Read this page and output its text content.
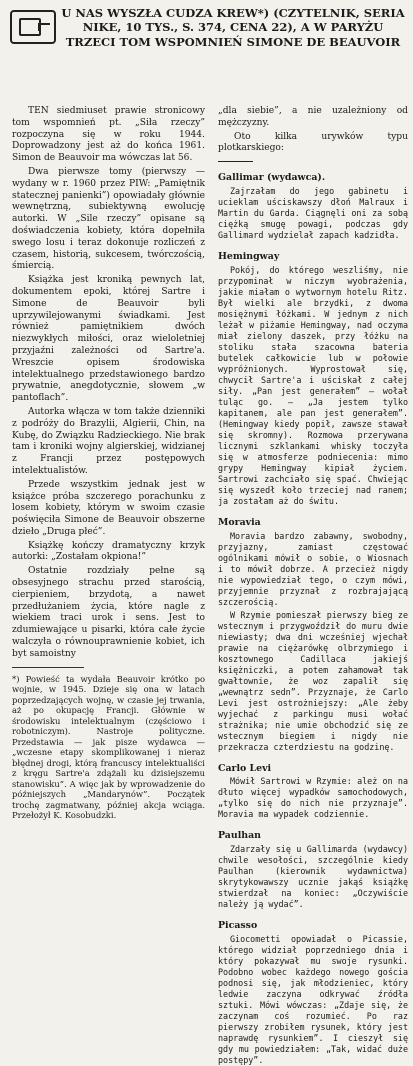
U NAS WYSZŁA CUDZA KREW*) (CZYTELNIK, SERIA NIKE, 10 TYS., S. 374, CENA 22), A W PARYŻU TRZECI TOM WSPOMNIEŃ SIMONE DE BEAUVOIR

TEN siedmiuset prawie stronicowy tom wspomnień pt. „Siła rzeczy” rozpoczyna się w roku 1944. Doprowadzony jest aż do końca 1961. Simon de Beauvoir ma wówczas lat 56.

Dwa pierwsze tomy (pierwszy — wydany w r. 1960 przez PIW: „Pamiętnik statecznej panienki”) opowiadały głównie wewnętrzną, subiektywną ewolucję autorki. W „Sile rzeczy” opisane są doświadczenia kobiety, która dopełniła swego losu i teraz dokonuje rozliczeń z czasem, historią, sukcesem, twórczością, śmiercią.

Książka jest kroniką pewnych lat, dokumentem epoki, której Sartre i Simone de Beauvoir byli uprzywilejowanymi świadkami. Jest również pamiętnikiem dwóch niezwykłych miłości, oraz wieloletniej przyjaźni zależności od Sartre'a. Wreszcie opisem środowiska intelektualnego przedstawionego bardzo prywatnie, anegdotycznie, słowem „w pantoflach”.

Autorka włącza w tom także dzienniki z podróży do Brazylii, Algierii, Chin, na Kubę, do Związku Radzieckiego. Nie brak tam i kroniki wojny algierskiej, widzianej z Francji przez postępowych intelektualistów.

Przede wszystkim jednak jest w książce próba szczerego porachunku z losem kobiety, którym w swoim czasie poświęciła Simone de Beauvoir obszerne dzieło „Druga płeć”.

Książkę kończy dramatyczny krzyk autorki: „Zostałam okpiona!”

Ostatnie rozdziały pełne są obsesyjnego strachu przed starością, cierpieniem, brzydotą, a nawet przedłużaniem życia, które nagle z wiekiem traci urok i sens. Jest to zdumiewające u pisarki, która całe życie walczyła o równouprawnienie kobiet, ich byt samoistny

*) Powieść ta wydała Beauvoir krótko po wojnie, w 1945. Dzieje się ona w latach poprzedzających wojnę, w czasie jej trwania, aż po okupację Francji. Głównie w środowisku intelektualnym (częściowo i robotniczym). Nastroje polityczne. Przedstawia — jak pisze wydawca — „wczesne etapy skomplikowanej i nieraz błędnej drogi, którą francuscy intelektualiści z kręgu Sartre'a zdążali ku dzisiejszemu stanowisku”. A więc jak by wprowadzenie do późniejszych „Mandarynów”. Początek trochę zagmatwany, później akcja wciąga. Przełożył K. Kosobudzki.

„dla siebie”, a nie uzależniony od mężczyzny.

Oto kilka urywków typu plotkarskiego:

Gallimar (wydawca).
Zajrzałam do jego gabinetu i ucieklam uściskawszy dłoń Malraux i Martin du Garda. Ciągnęli oni za sobą ciężką smugę powagi, podczas gdy Gallimard wydzielał zapach kadzidła.
Hemingway
Pokój, do którego weszliśmy, nie przypominał w niczym wyobrażenia, jakie miałam o wytwornym hotelu Ritz. Był wielki ale brzydki, z dwoma mosiężnymi łóżkami. W jednym z nich leżał w piżamie Hemingway, nad oczyma miał zielony daszek, przy łóżku na stoliku stała szacowna bateria butelek całkowicie lub w połowie wypróżnionych. Wyprostował się, chwycił Sartre'a i uściskał z całej siły. „Pan jest generałem” — wołał tuląc go. — „Ja jestem tylko kapitanem, ale pan jest generałem”. (Hemingway kiedy popił, zawsze stawał się skromny). Rozmowa przerywana licznymi szklankami whisky toczyła się w atmosferze podniecenia: mimo grypy Hemingway kipiał życiem. Sartrowi zachciało się spać. Chwiejąc się wyszedł koło trzeciej nad ranem; ja zostałam aż do świtu.
Moravia
Moravia bardzo zabawny, swobodny, przyjazny, zamiast częstować ogólnikami mówił o sobie, o Wiosnach i to mówił dobrze. A przecież nigdy nie wypowiedział tego, o czym mówi, przyjemnie przyznał z rozbrajającą szczerością.
W Rzymie pomieszał pierwszy bieg ze wstecznym i przygwoździł do muru dwie niewiasty; dwa dni wcześniej wjechał prawie na ciężarówkę olbrzymiego i kosztownego Cadillaca jakiejś księżniczki, a potem zahamował tak gwałtownie, że woz zapalił się „wewnątrz sedn”. Przyznaje, że Carlo Levi jest ostrożniejszy: „Ale żeby wyjechać z parkingu musi wołać strażnika; nie umie obchodzić się ze wstecznym biegiem i nigdy nie przekracza czterdziestu na godzinę.
Carlo Levi
Mówił Sartrowi w Rzymie: ależ on na dłuto więcej wypadków samochodowych, „tylko się do nich nie przyznaje”. Moravia ma wypadek codziennie.
Paulhan
Zdarzały się u Gallimarda (wydawcy) chwile wesołości, szczególnie kiedy Paulhan (kierownik wydawnictwa) skrytykowawszy ucznie jakąś książkę stwierdzał na koniec: „Oczywiście należy ją wydać”.
Picasso
Giocometti opowiadał o Picassie, którego widział poprzedniego dnia i który pokazywał mu swoje rysunki. Podobno wobec każdego nowego gościa podnosi się, jak młodzieniec, który ledwie zaczyna odkrywać źródła sztuki. Mówi wówczas: „Zdaje się, że zaczynam coś rozumieć. Po raz pierwszy zrobiłem rysunek, który jest naprawdę rysunkiem”. I cieszył się gdy mu powiedziałem: „Tak, widać duże postępy”.
